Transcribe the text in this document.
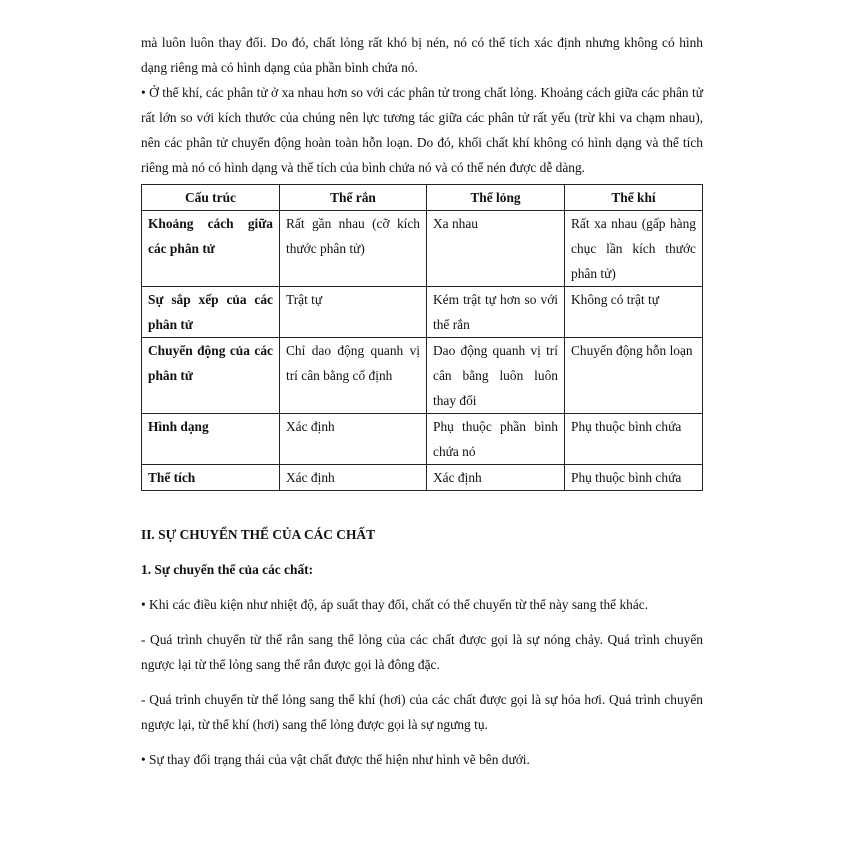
mà luôn luôn thay đổi. Do đó, chất lỏng rất khó bị nén, nó có thể tích xác định nhưng không có hình dạng riêng mà có hình dạng của phần bình chứa nó.

• Ở thể khí, các phân tử ở xa nhau hơn so với các phân tử trong chất lỏng. Khoảng cách giữa các phân tử rất lớn so với kích thước của chúng nên lực tương tác giữa các phân tử rất yếu (trừ khi va chạm nhau), nên các phân tử chuyển động hoàn toàn hỗn loạn. Do đó, khối chất khí không có hình dạng và thể tích riêng mà nó có hình dạng và thể tích của bình chứa nó và có thể nén được dễ dàng.

Cấu trúc	Thể rắn	Thể lỏng	Thể khí
Khoảng cách giữa các phân tử	Rất gần nhau (cỡ kích thước phân tử)	Xa nhau	Rất xa nhau (gấp hàng chục lần kích thước phân tử)
Sự sắp xếp của các phân tử	Trật tự	Kém trật tự hơn so với thể rắn	Không có trật tự
Chuyển động của các phân tử	Chỉ dao động quanh vị trí cân bằng cố định	Dao động quanh vị trí cân bằng luôn luôn thay đổi	Chuyển động hỗn loạn
Hình dạng	Xác định	Phụ thuộc phần bình chứa nó	Phụ thuộc bình chứa
Thể tích	Xác định	Xác định	Phụ thuộc bình chứa

II. SỰ CHUYỂN THỂ CỦA CÁC CHẤT

1. Sự chuyển thể của các chất:

• Khi các điều kiện như nhiệt độ, áp suất thay đổi, chất có thể chuyển từ thể này sang thể khác.

- Quá trình chuyển từ thể rắn sang thể lỏng của các chất được gọi là sự nóng chảy. Quá trình chuyển ngược lại từ thể lỏng sang thể rắn được gọi là đông đặc.

- Quá trình chuyển từ thể lỏng sang thể khí (hơi) của các chất được gọi là sự hóa hơi. Quá trình chuyển ngược lại, từ thể khí (hơi) sang thể lỏng được gọi là sự ngưng tụ.

• Sự thay đổi trạng thái của vật chất được thể hiện như hình vẽ bên dưới.
